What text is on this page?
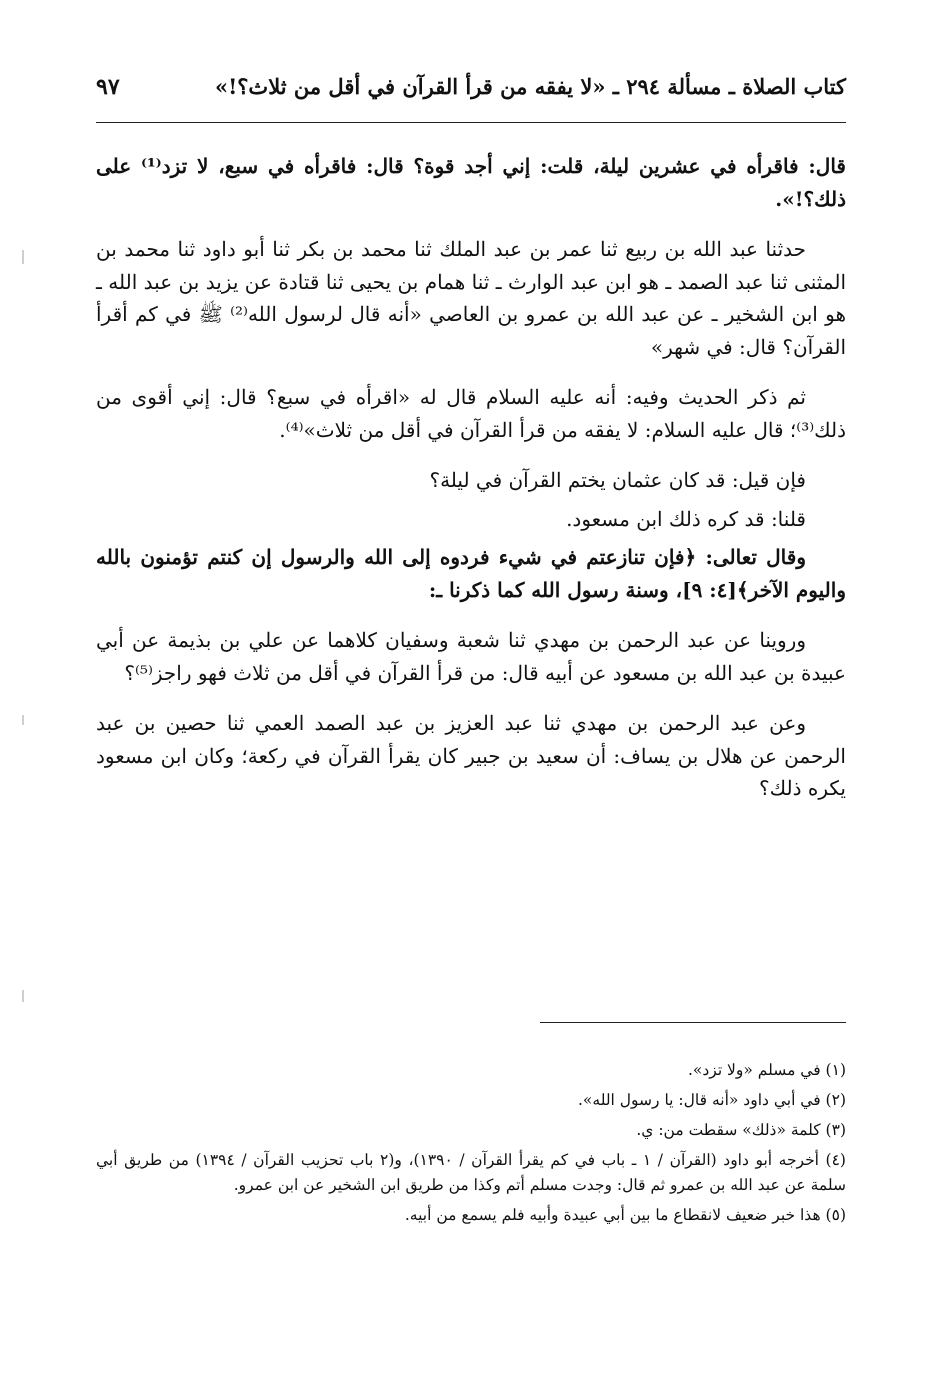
كتاب الصلاة ـ مسألة ٢٩٤ ـ «لا يفقه من قرأ القرآن في أقل من ثلاث؟!»
٩٧

قال: فاقرأه في عشرين ليلة، قلت: إني أجد قوة؟ قال: فاقرأه في سبع، لا تزد⁽¹⁾ على ذلك؟!».

حدثنا عبد الله بن ربيع ثنا عمر بن عبد الملك ثنا محمد بن بكر ثنا أبو داود ثنا محمد بن المثنى ثنا عبد الصمد ـ هو ابن عبد الوارث ـ ثنا همام بن يحيى ثنا قتادة عن يزيد بن عبد الله ـ هو ابن الشخير ـ عن عبد الله بن عمرو بن العاصي «أنه قال لرسول الله⁽²⁾ ﷺ في كم أقرأ القرآن؟ قال: في شهر»

ثم ذكر الحديث وفيه: أنه عليه السلام قال له «اقرأه في سبع؟ قال: إني أقوى من ذلك⁽³⁾؛ قال عليه السلام: لا يفقه من قرأ القرآن في أقل من ثلاث»⁽⁴⁾.

فإن قيل: قد كان عثمان يختم القرآن في ليلة؟

قلنا: قد كره ذلك ابن مسعود.

وقال تعالى: ﴿فإن تنازعتم في شيء فردوه إلى الله والرسول إن كنتم تؤمنون بالله واليوم الآخر﴾[٤: ٩]، وسنة رسول الله كما ذكرنا ـ:

وروينا عن عبد الرحمن بن مهدي ثنا شعبة وسفيان كلاهما عن علي بن بذيمة عن أبي عبيدة بن عبد الله بن مسعود عن أبيه قال: من قرأ القرآن في أقل من ثلاث فهو راجز⁽⁵⁾؟

وعن عبد الرحمن بن مهدي ثنا عبد العزيز بن عبد الصمد العمي ثنا حصين بن عبد الرحمن عن هلال بن يساف: أن سعيد بن جبير كان يقرأ القرآن في ركعة؛ وكان ابن مسعود يكره ذلك؟

(١) في مسلم «ولا تزد».
(٢) في أبي داود «أنه قال: يا رسول الله».
(٣) كلمة «ذلك» سقطت من: ي.
(٤) أخرجه أبو داود (القرآن / ١ ـ باب في كم يقرأ القرآن / ١٣٩٠)، و(٢ باب تحزيب القرآن / ١٣٩٤) من طريق أبي سلمة عن عبد الله بن عمرو ثم قال: وجدت مسلم أتم وكذا من طريق ابن الشخير عن ابن عمرو.
(٥) هذا خبر ضعيف لانقطاع ما بين أبي عبيدة وأبيه فلم يسمع من أبيه.
